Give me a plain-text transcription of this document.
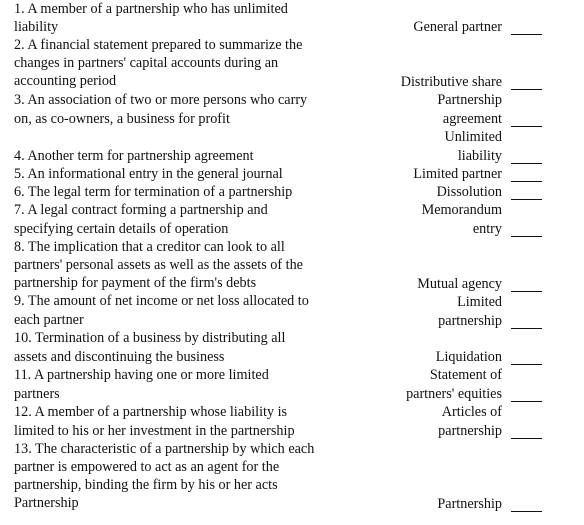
1. A member of a partnership who has unlimited
liability
2. A financial statement prepared to summarize the
changes in partners' capital accounts during an
accounting period
3. An association of two or more persons who carry
on, as co-owners, a business for profit
4. Another term for partnership agreement
5. An informational entry in the general journal
6. The legal term for termination of a partnership
7. A legal contract forming a partnership and
specifying certain details of operation
8. The implication that a creditor can look to all
partners' personal assets as well as the assets of the
partnership for payment of the firm's debts
9. The amount of net income or net loss allocated to
each partner
10. Termination of a business by distributing all
assets and discontinuing the business
11. A partnership having one or more limited
partners
12. A member of a partnership whose liability is
limited to his or her investment in the partnership
13. The characteristic of a partnership by which each
partner is empowered to act as an agent for the
partnership, binding the firm by his or her acts
Partnership
General partner
Distributive share
Partnership
agreement
Unlimited
liability
Limited partner
Dissolution
Memorandum
entry
Mutual agency
Limited
partnership
Liquidation
Statement of
partners' equities
Articles of
partnership
Partnership
